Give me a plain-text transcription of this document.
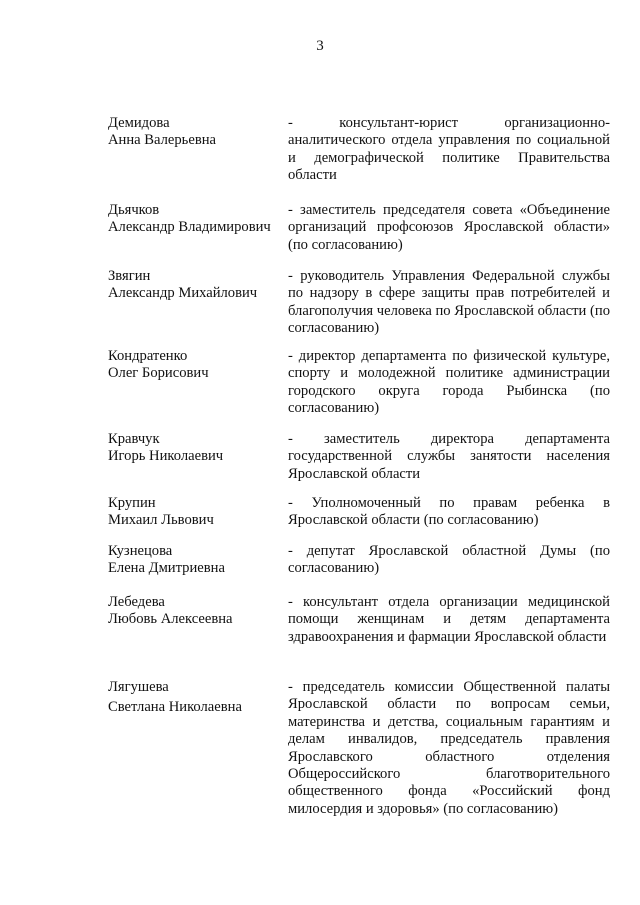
3
Демидова
Анна Валерьевна
- консультант-юрист организационно-аналитического отдела управления по социальной и демографической политике Правительства области
Дьячков
Александр Владимирович
- заместитель председателя совета «Объединение организаций профсоюзов Ярославской области» (по согласованию)
Звягин
Александр Михайлович
- руководитель Управления Федеральной службы по надзору в сфере защиты прав потребителей и благополучия человека по Ярославской области (по согласованию)
Кондратенко
Олег Борисович
- директор департамента по физической культуре, спорту и молодежной политике администрации городского округа города Рыбинска (по согласованию)
Кравчук
Игорь Николаевич
- заместитель директора департамента государственной службы занятости населения Ярославской области
Крупин
Михаил Львович
- Уполномоченный по правам ребенка в Ярославской области (по согласованию)
Кузнецова
Елена Дмитриевна
- депутат Ярославской областной Думы (по согласованию)
Лебедева
Любовь Алексеевна
- консультант отдела организации медицинской помощи женщинам и детям департамента здравоохранения и фармации Ярославской области
Лягушева
Светлана Николаевна
- председатель комиссии Общественной палаты Ярославской области по вопросам семьи, материнства и детства, социальным гарантиям и делам инвалидов, председатель правления Ярославского областного отделения Общероссийского благотворительного общественного фонда «Российский фонд милосердия и здоровья» (по согласованию)
